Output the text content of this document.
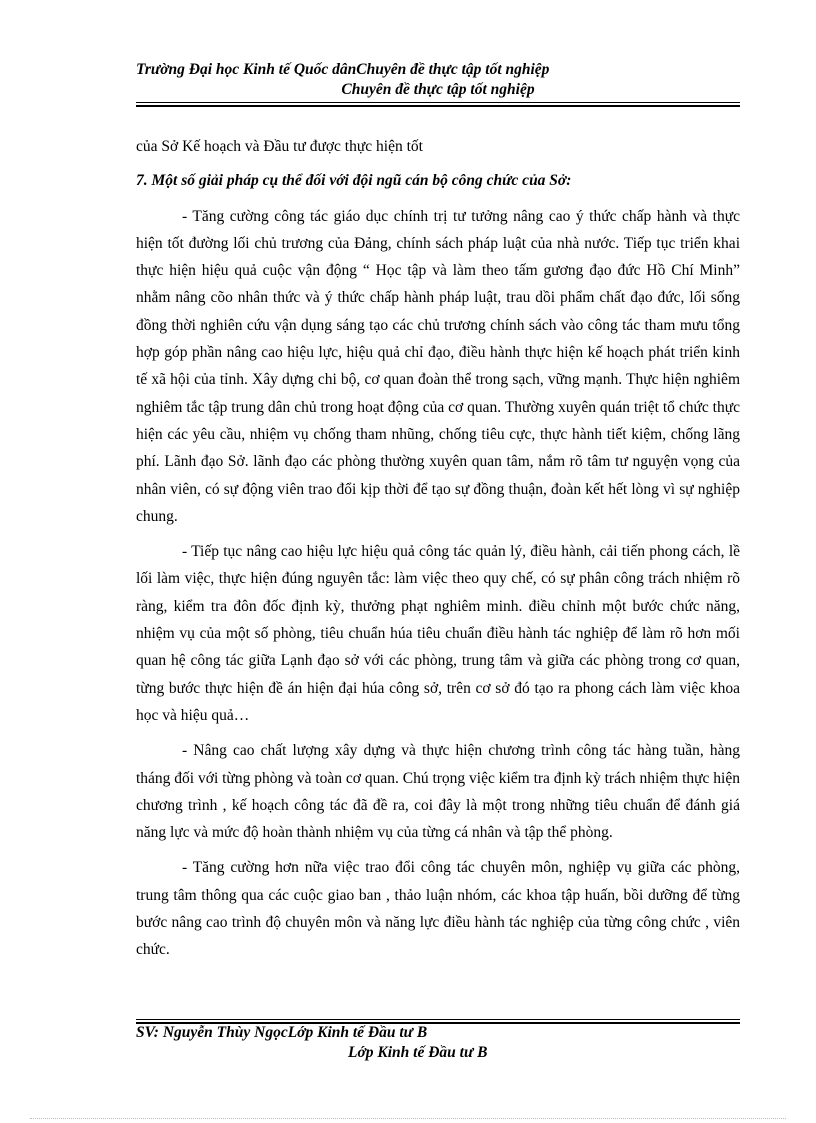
Trường Đại học Kinh tế Quốc dânChuyên đề thực tập tốt nghiệp
Chuyên đề thực tập tốt nghiệp

của Sở Kế hoạch và Đầu tư được thực hiện tốt

7. Một số giải pháp cụ thể đối với đội ngũ cán bộ công chức của Sở:

- Tăng cường công tác giáo dục chính trị tư tưởng nâng cao ý thức chấp hành và thực hiện tốt đường lối chủ trương của Đảng, chính sách pháp luật của nhà nước. Tiếp tục triển khai thực hiện hiệu quả cuộc vận động “ Học tập và làm theo tấm gương đạo đức Hồ Chí Minh” nhằm nâng cõo nhân thức và ý thức chấp hành pháp luật, trau dồi phẩm chất đạo đức, lối sống đồng thời nghiên cứu vận dụng sáng tạo các chủ trương chính sách vào công tác tham mưu tổng hợp góp phần nâng cao hiệu lực, hiệu quả chỉ đạo, điều hành thực hiện kế hoạch phát triển kinh tế xã hội của tỉnh. Xây dựng chi bộ, cơ quan đoàn thể trong sạch, vững mạnh. Thực hiện nghiêm nghiêm tắc tập trung dân chủ trong hoạt động của cơ quan. Thường xuyên quán triệt tổ chức thực hiện các yêu cầu, nhiệm vụ chống tham nhũng, chống tiêu cực, thực hành tiết kiệm, chống lãng phí. Lãnh đạo Sở. lãnh đạo các phòng thường xuyên quan tâm, nắm rõ tâm tư nguyện vọng của nhân viên, có sự động viên trao đổi kịp thời để tạo sự đồng thuận, đoàn kết hết lòng vì sự nghiệp chung.

- Tiếp tục nâng cao hiệu lực hiệu quả công tác quản lý, điều hành, cải tiến phong cách, lề lối làm việc, thực hiện đúng nguyên tắc: làm việc theo quy chế, có sự phân công trách nhiệm rõ ràng, kiểm tra đôn đốc định kỳ, thưởng phạt nghiêm minh. điều chỉnh một bước chức năng, nhiệm vụ của một số phòng, tiêu chuẩn húa tiêu chuẩn điều hành tác nghiệp để làm rõ hơn mối quan hệ công tác giữa Lạnh đạo sở với các phòng, trung tâm và giữa các phòng trong cơ quan, từng bước thực hiện đề án hiện đại húa công sở, trên cơ sở đó tạo ra phong cách làm việc khoa học và hiệu quả…

- Nâng cao chất lượng xây dựng và thực hiện chương trình công tác hàng tuần, hàng tháng đối với từng phòng và toàn cơ quan. Chú trọng việc kiểm tra định kỳ trách nhiệm thực hiện chương trình , kế hoạch công tác đã đề ra, coi đây là một trong những tiêu chuẩn để đánh giá năng lực và mức độ hoàn thành nhiệm vụ của từng cá nhân và tập thể phòng.

- Tăng cường hơn nữa việc trao đổi công tác chuyên môn, nghiệp vụ giữa các phòng, trung tâm thông qua các cuộc giao ban , thảo luận nhóm, các khoa tập huấn, bồi dưỡng để từng bước nâng cao trình độ chuyên môn và năng lực điều hành tác nghiệp của từng công chức , viên chức.

SV: Nguyễn Thùy NgọcLớp Kinh tế Đầu tư B
Lớp Kinh tế Đầu tư B
